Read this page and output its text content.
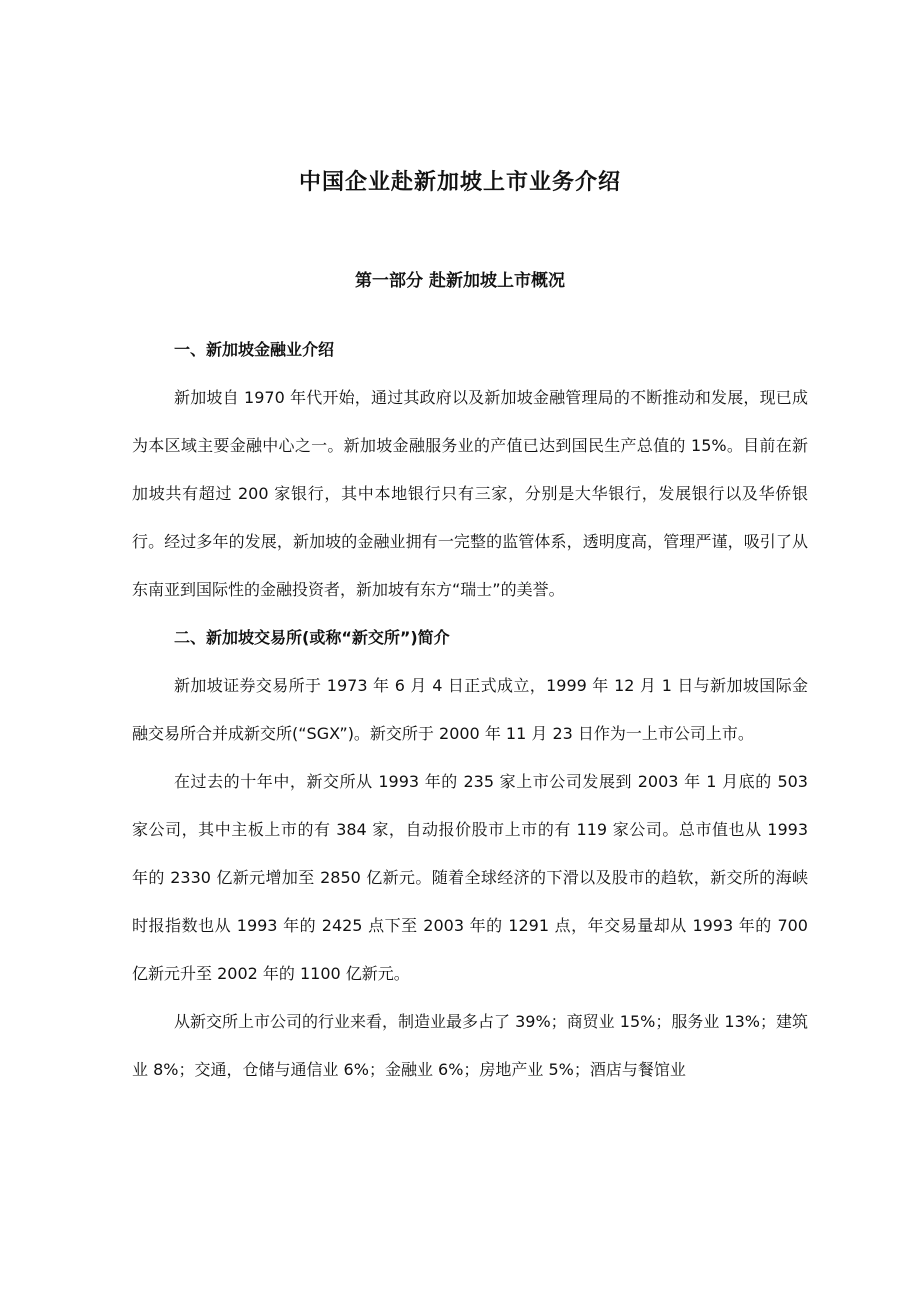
中国企业赴新加坡上市业务介绍
第一部分 赴新加坡上市概况
一、新加坡金融业介绍

新加坡自 1970 年代开始，通过其政府以及新加坡金融管理局的不断推动和发展，现已成为本区域主要金融中心之一。新加坡金融服务业的产值已达到国民生产总值的 15%。目前在新加坡共有超过 200 家银行，其中本地银行只有三家，分别是大华银行，发展银行以及华侨银行。经过多年的发展，新加坡的金融业拥有一完整的监管体系，透明度高，管理严谨，吸引了从东南亚到国际性的金融投资者，新加坡有东方“瑞士”的美誉。

二、新加坡交易所(或称“新交所”)简介

新加坡证券交易所于 1973 年 6 月 4 日正式成立，1999 年 12 月 1 日与新加坡国际金融交易所合并成新交所(“SGX”)。新交所于 2000 年 11 月 23 日作为一上市公司上市。

在过去的十年中，新交所从 1993 年的 235 家上市公司发展到 2003 年 1 月底的 503 家公司，其中主板上市的有 384 家，自动报价股市上市的有 119 家公司。总市值也从 1993 年的 2330 亿新元增加至 2850 亿新元。随着全球经济的下滑以及股市的趋软，新交所的海峡时报指数也从 1993 年的 2425 点下至 2003 年的 1291 点，年交易量却从 1993 年的 700 亿新元升至 2002 年的 1100 亿新元。

从新交所上市公司的行业来看，制造业最多占了 39%；商贸业 15%；服务业 13%；建筑业 8%；交通，仓储与通信业 6%；金融业 6%；房地产业 5%；酒店与餐馆业
